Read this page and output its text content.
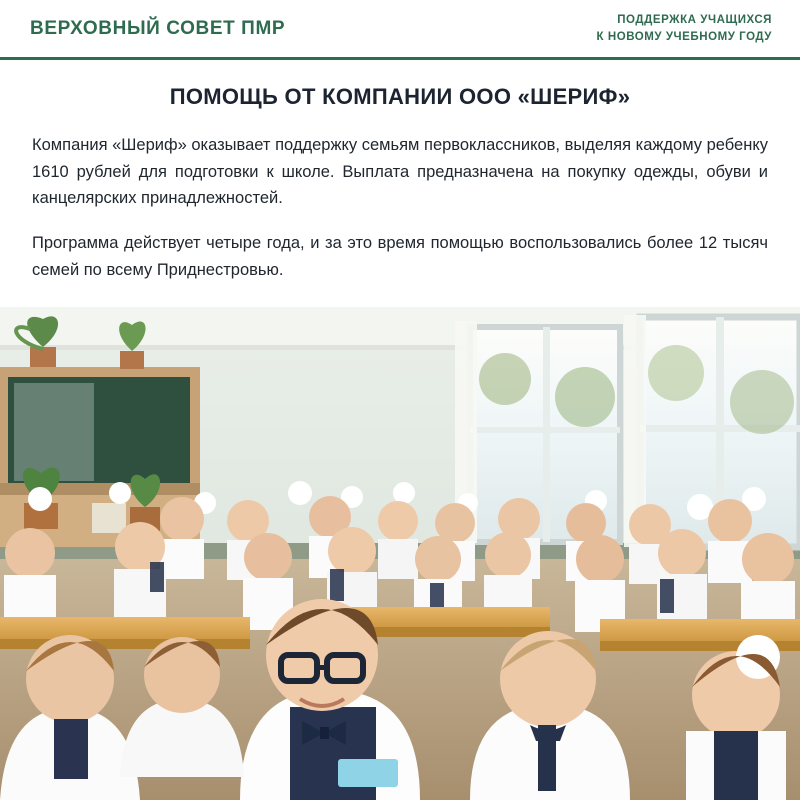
ВЕРХОВНЫЙ СОВЕТ ПМР	ПОДДЕРЖКА УЧАЩИХСЯ
К НОВОМУ УЧЕБНОМУ ГОДУ
ПОМОЩЬ ОТ КОМПАНИИ ООО «ШЕРИФ»

Компания «Шериф» оказывает поддержку семьям первоклассников, выделяя каждому ребенку 1610 рублей для подготовки к школе. Выплата предназначена на покупку одежды, обуви и канцелярских принадлежностей.

Программа действует четыре года, и за это время помощью воспользовались более 12 тысяч семей по всему Приднестровью.
